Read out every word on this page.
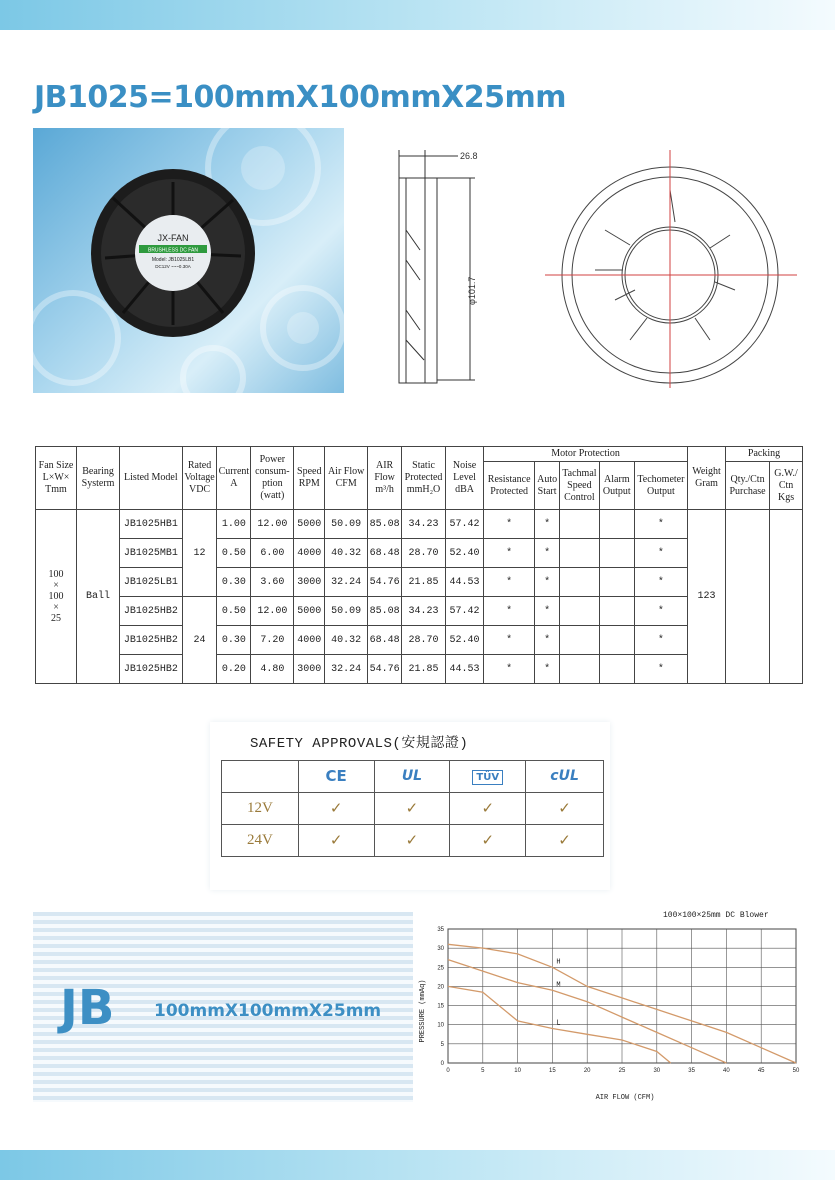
JB1025=100mmX100mmX25mm
JX-FAN
BRUSHLESS DC FAN
Model: JB1025LB1
DC12V ~~~0.30A
26.8
φ101.7
Fan Size L×W× Tmm	Bearing Systerm	Listed Model	Rated Voltage VDC	Current A	Power consum-ption (watt)	Speed RPM	Air Flow CFM	AIR Flow m³/h	Static Protected mmH₂O	Noise Level dBA	Motor Protection					Weight Gram	Packing	
											Resistance Protected	Auto Start	Tachmal Speed Control	Alarm Output	Techometer Output		Qty./Ctn Purchase	G.W./ Ctn Kgs

100
×
100
×
25	Ball	JB1025HB1	12	1.00	12.00	5000	50.09	85.08	34.23	57.42	*	*			*	123		
		JB1025MB1		0.50	6.00	4000	40.32	68.48	28.70	52.40	*	*			*			
		JB1025LB1		0.30	3.60	3000	32.24	54.76	21.85	44.53	*	*			*			
		JB1025HB2	24	0.50	12.00	5000	50.09	85.08	34.23	57.42	*	*			*			
		JB1025HB2		0.30	7.20	4000	40.32	68.48	28.70	52.40	*	*			*			
		JB1025HB2		0.20	4.80	3000	32.24	54.76	21.85	44.53	*	*			*			
SAFETY APPROVALS(安規認證)
	CE	UL	TÜV	cUL
12V	✓	✓	✓	✓
24V	✓	✓	✓	✓
JB 100mmX100mmX25mm
100×100×25mm DC Blower
AIR FLOW (CFM)
PRESSURE (mmAq)
0	5	10	15	20	25	30	35	40	45	50
0
5
10
15
20
25
30
35
H
M
L
